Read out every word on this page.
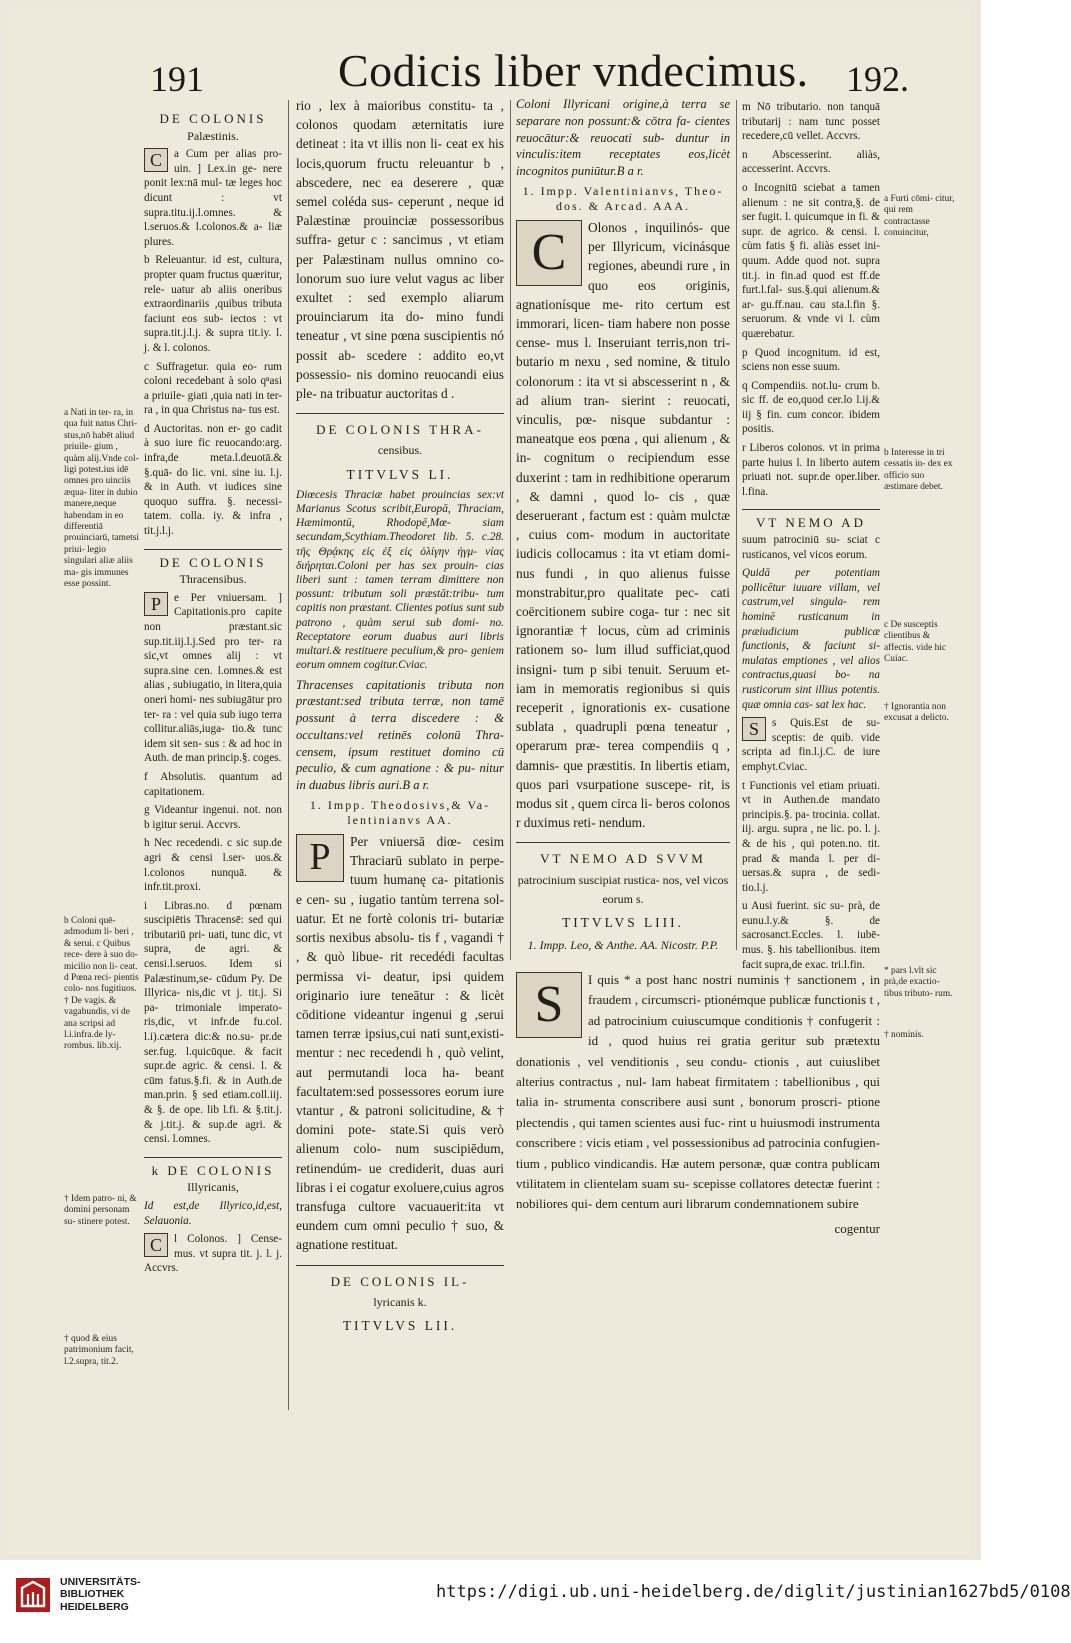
191	Codicis liber vndecimus. 192.
DE COLONIS
Palæstinis.

C	a Cum per alias pro- uin. ] Lex.in ge- nere ponit lex:nā mul- tæ leges hoc dicunt : vt supra.titu.ij.l.omnes. & l.seruos.& l.colonos.& a- liæ plures.

b Releuantur. id est, cultura, propter quam fructus quæritur, rele- uatur ab aliis oneribus extraordinariis ,quibus tributa faciunt eos sub- iectos : vt supra.tit.j.l.j. & supra tit.iy. l. j. & l. colonos.

c Suffragetur. quia eo- rum coloni recedebant à solo qⁿasi a priuile- giati ,quia nati in ter- ra , in qua Christus na- tus est.

d Auctoritas. non er- go cadit à suo iure fic reuocando:arg. infra,de meta.l.deuotā.& §.quā- do lic. vni. sine iu. l.j. & in Auth. vt iudices sine quoquo suffra. §. necessi- tatem. colla. iy. & infra , tit.j.l.j.

DE COLONIS
Thracensibus.

P	e Per vniuersam. ] Capitationis.pro capite non præstant.sic sup.tit.iij.l.j.Sed pro ter- ra sic,vt omnes alij : vt supra.sine cen. l.omnes.& est alias , subiugatio, in litera,quia oneri homi- nes subiugātur pro ter- ra : vel quia sub iugo terra collitur.aliās,iuga- tio.& tunc idem sit sen- sus : & ad hoc in Auth. de man princip.§. coges.

f Absolutis. quantum ad capitationem.

g Videantur ingenui. not. non b igitur serui. Accvrs.

h Nec recedendi. c sic sup.de agri & censi l.ser- uos.& l.colonos nunquā. & infr.tit.proxi.

i Libras.no. d pœnam suscipiētis Thracensē: sed qui tributariū pri- uati, tunc dic, vt supra, de agri. & censi.l.seruos. Idem si Palæstinum,se- cūdum Py. De Illyrica- nis,dic vt j. tit.j. Si pa- trimoniale imperato- ris,dic, vt infr.de fu.col. l.i).cætera dic:& no.su- pr.de ser.fug. l.quicūque. & facit supr.de agric. & censi. l. & cūm fatus.§.fi. & in Auth.de man.prin. § sed etiam.coll.iij. & §. de ope. lib l.fi. & §.tit.j. & j.tit.j. & sup.de agri. & censi. l.omnes.

k DE COLONIS
Illyricanis,

Id est,de Illyrico,id,est, Selauonia.

C	l Colonos. ] Cense- mus. vt supra tit. j. l. j. Accvrs.

a Nati in ter- ra, in qua fuit natus Chri- stus,nō habēt aliud priuile- gium , quàm alij.Vnde col- ligi potest.ius idē omnes pro uinciis æqua- liter in dubio manere,neque habendam in eo differentiā prouinciarū, tametsi priui- legio singulari aliæ aliis ma- gis immunes esse possint.
b Coloni quē- admodum li- beri , & serui. c Quibus rece- dere à suo do- micilio non li- ceat. d Pœna reci- pientis colo- nos fugitiuos. † De vagis. & vagabundis, vi de ana scripsi ad l.i.infra.de ly- rombus. lib.xij.
† Idem patro- ni, & domini personam su- stinere potest.
† quod & eius patrimonium facit, l.2.supra, tit.2.

rio , lex à maioribus constitu- ta , colonos quodam æternitatis iure detineat : ita vt illis non li- ceat ex his locis,quorum fructu releuantur b , abscedere, nec ea deserere , quæ semel coléda sus- ceperunt , neque id Palæstinæ prouinciæ possessoribus suffra- getur c : sancimus , vt etiam per Palæstinam nullus omnino co- lonorum suo iure velut vagus ac liber exultet : sed exemplo aliarum prouinciarum ita do- mino fundi teneatur , vt sine pœna suscipientis nó possit ab- scedere : addito eo,vt possessio- nis domino reuocandi eius ple- na tribuatur auctoritas d .

DE COLONIS THRA-
censibus.
TITVLVS LI.

Diœcesis Thraciæ habet prouincias sex:vt Marianus Scotus scribit,Europā, Thraciam, Hæmimontū, Rhodopē,Mœ- siam secundam,Scythiam.Theodoret lib. 5. c.28. τῆς Θρᾴκης εἰς ἐξ εἰς ὀλίγην ἠγμ- νίας διήρηται.Coloni per has sex prouin- cias liberi sunt : tamen terram dimittere non possunt: tributum soli præstāt:tribu- tum capitis non præstant. Clientes potius sunt sub patrono , quàm serui sub domi- no. Receptatore eorum duabus auri libris multari.& restituere peculium,& pro- geniem eorum omnem cogitur.Cviac.

Thracenses capitationis tributa non præstant:sed tributa terræ, non tamē possunt à terra discedere : & occultans:vel retinēs colonū Thra- censem, ipsum restituet domino cū peculio, & cum agnatione : & pu- nitur in duabus libris auri.B a r.

1. Impp. Theodosivs,& Va- lentinianvs AA.

P	Per vniuersā diœ- cesim Thraciarū sublato in perpe- tuum humanę ca- pitationis e cen- su , iugatio tantùm terrena sol- uatur. Et ne fortè colonis tri- butariæ sortis nexibus absolu- tis f , vagandi † , & quò libue- rit recedédi facultas permissa vi- deatur, ipsi quidem originario iure teneātur : & licèt cōditione videantur ingenui g ,serui tamen terræ ipsius,cui nati sunt,existi- mentur : nec recedendi h , quò velint, aut permutandi loca ha- beant facultatem:sed possessores eorum iure vtantur , & patroni solicitudine, & † domini pote- state.Si quis verò alienum colo- num suscipiēdum, retinendúm- ue crediderit, duas auri libras i ei cogatur exoluere,cuius agros transfuga cultore vacuauerit:ita vt eundem cum omni peculio † suo, & agnatione restituat.

DE COLONIS IL-
lyricanis k.
TITVLVS LII.

Coloni Illyricani origine,à terra se separare non possunt:& cōtra fa- cientes reuocātur:& reuocati sub- duntur in vinculis:item receptates eos,licèt incognitos puniūtur.B a r.

1. Impp. Valentinianvs, Theo- dos. & Arcad. AAA.

C	Olonos , inquilinós- que per Illyricum, vicinásque regiones, abeundi rure , in quo eos originis, agnationísque me- rito certum est immorari, licen- tiam habere non posse cense- mus l. Inseruiant terris,non tri- butario m nexu , sed nomine, & titulo colonorum : ita vt si abscesserint n , & ad alium tran- sierint : reuocati, vinculis, pœ- nisque subdantur : maneatque eos pœna , qui alienum , & in- cognitum o recipiendum esse duxerint : tam in redhibitione operarum , & damni , quod lo- cis , quæ deseruerant , factum est : quàm mulctæ , cuius com- modum in auctoritate iudicis collocamus : ita vt etiam domi- nus fundi , in quo alienus fuisse monstrabitur,pro qualitate pec- cati coërcitionem subire coga- tur : nec sit ignorantiæ † locus, cùm ad criminis rationem so- lum illud sufficiat,quod insigni- tum p sibi tenuit. Seruum et- iam in memoratis regionibus si quis receperit , ignorationis ex- cusatione sublata , quadrupli pœna teneatur , operarum præ- terea compendiis q , damnis- que præstitis. In libertis etiam, quos pari vsurpatione suscepe- rit, is modus sit , quem circa li- beros colonos r duximus reti- nendum.

VT NEMO AD SVVM
patrocinium suscipiat rustica- nos, vel vicos eorum s.
TITVLVS LIII.

1. Impp. Leo, & Anthe. AA. Nicostr. P.P.

m Nō tributario. non tanquā tributarij : nam tunc posset recedere,cū vellet. Accvrs.

n Abscesserint. aliàs, accesserint. Accvrs.

o Incognitū sciebat a tamen alienum : ne sit contra,§. de ser fugit. l. quicumque in fi. & supr. de agrico. & censi. l. cùm fatis § fi. aliàs esset ini- quum. Adde quod not. supra tit.j. in fin.ad quod est ff.de furt.l.fal- sus.§.qui alienum.& ar- gu.ff.nau. cau sta.l.fin §. seruorum. & vnde vi l. cùm quærebatur.

p Quod incognitum. id est, sciens non esse suum.

q Compendiis. not.lu- crum b. sic ff. de eo,quod cer.lo l.ij.& iij § fin. cum concor. ibidem positis.

r Liberos colonos. vt in prima parte huius l. In liberto autem priuati not. supr.de oper.liber. l.fina.

VT NEMO AD

suum patrociniū su- sciat c rusticanos, vel vicos eorum.

Quidā per potentiam pollicētur iuuare villam, vel castrum,vel singula- rem hominē rusticanum in præiudicium publicæ functionis, & faciunt si- mulatas emptiones , vel alios contractus,quasi bo- na rusticorum sint illius potentis. quæ omnia cas- sat lex hac.

S	s Quis.Est de su- sceptis: de quib. vide scripta ad fin.l.j.C. de iure emphyt.Cviac.

t Functionis vel etiam priuati. vt in Authen.de mandato principis.§. pa- trocinia. collat. iij. argu. supra , ne lic. po. l. j. & de his , qui poten.no. tit. prad & manda l. per di- uersas.& supra , de sedi- tio.l.j.

u Ausi fuerint. sic su- prà, de eunu.l.y.& §. de sacrosanct.Eccles. l. iubē- mus. §. his tabellionibus. item facit supra,de exac. tri.l.fin.

a Furti cōmi- citur, qui rem contractasse conuincitur,
b Interesse in tri cessatis in- dex ex officio suo æstimare debet.
c De susceptis clientibus & affectis. vide hic Cuiac.
† Ignorantia non excusat a delicto.
* pars l.vlt sic prà,de exactio- tibus tributo- rum.
† nominis.

S	I quis * a post hanc nostri numinis † sanctionem , in fraudem , circumscri- ptionémque publicæ functionis t , ad patrocinium cuiuscumque conditionis † confugerit : id , quod huius rei gratia geritur sub prætextu donationis , vel venditionis , seu condu- ctionis , aut cuiuslibet alterius contractus , nul- lam habeat firmitatem : tabellionibus , qui talia in- strumenta conscribere ausi sunt , bonorum proscri- ptione plectendis , qui tamen scientes ausi fuc- rint u huiusmodi instrumenta conscribere : vicis etiam , vel possessionibus ad patrocinia confugien- tium , publico vindicandis. Hæ autem personæ, quæ contra publicam vtilitatem in clientelam suam su- scepisse collatores detectæ fuerint : nobiliores qui- dem centum auri librarum condemnationem subire

cogentur

UNIVERSITÄTS- BIBLIOTHEK HEIDELBERG
https://digi.ub.uni-heidelberg.de/diglit/justinian1627bd5/0108
